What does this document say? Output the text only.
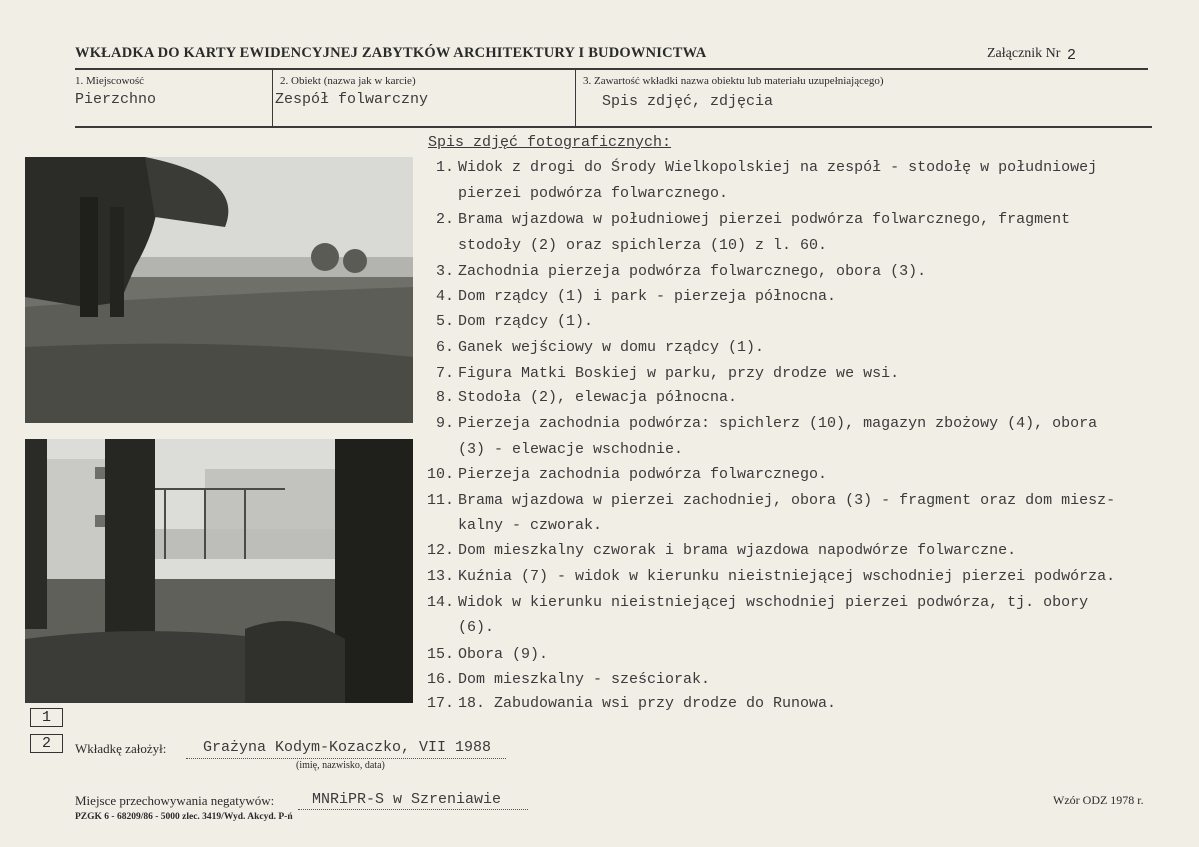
WKŁADKA DO KARTY EWIDENCYJNEJ ZABYTKÓW ARCHITEKTURY I BUDOWNICTWA	Załącznik Nr 2
1. Miejscowość
Pierzchno
2. Obiekt (nazwa jak w karcie)
Zespół folwarczny
3. Zawartość wkładki nazwa obiektu lub materiału uzupełniającego)
Spis zdjęć, zdjęcia
1
2
Spis zdjęć fotograficznych:
1. Widok z drogi do Środy Wielkopolskiej na zespół - stodołę w południowej
pierzei podwórza folwarcznego.
2. Brama wjazdowa w południowej pierzei podwórza folwarcznego, fragment
stodoły (2) oraz spichlerza (10) z l. 60.
3. Zachodnia pierzeja podwórza folwarcznego, obora (3).
4. Dom rządcy (1) i park - pierzeja północna.
5. Dom rządcy (1).
6. Ganek wejściowy w domu rządcy (1).
7. Figura Matki Boskiej w parku, przy drodze we wsi.
8. Stodoła (2), elewacja północna.
9. Pierzeja zachodnia podwórza: spichlerz (10), magazyn zbożowy (4), obora
(3) - elewacje wschodnie.
10. Pierzeja zachodnia podwórza folwarcznego.
11. Brama wjazdowa w pierzei zachodniej, obora (3) - fragment oraz dom miesz-
kalny - czworak.
12. Dom mieszkalny czworak i brama wjazdowa napodwórze folwarczne.
13. Kuźnia (7) - widok w kierunku nieistniejącej wschodniej pierzei podwórza.
14. Widok w kierunku nieistniejącej wschodniej pierzei podwórza, tj. obory
(6).
15. Obora (9).
16. Dom mieszkalny - sześciorak.
17. 18. Zabudowania wsi przy drodze do Runowa.
Wkładkę założył: Grażyna Kodym-Kozaczko, VII 1988
(imię, nazwisko, data)
Miejsce przechowywania negatywów:	MNRiPR-S w Szreniawie	Wzór ODZ 1978 r.
PZGK 6 - 68209/86 - 5000 zlec. 3419/Wyd. Akcyd. P-ń
